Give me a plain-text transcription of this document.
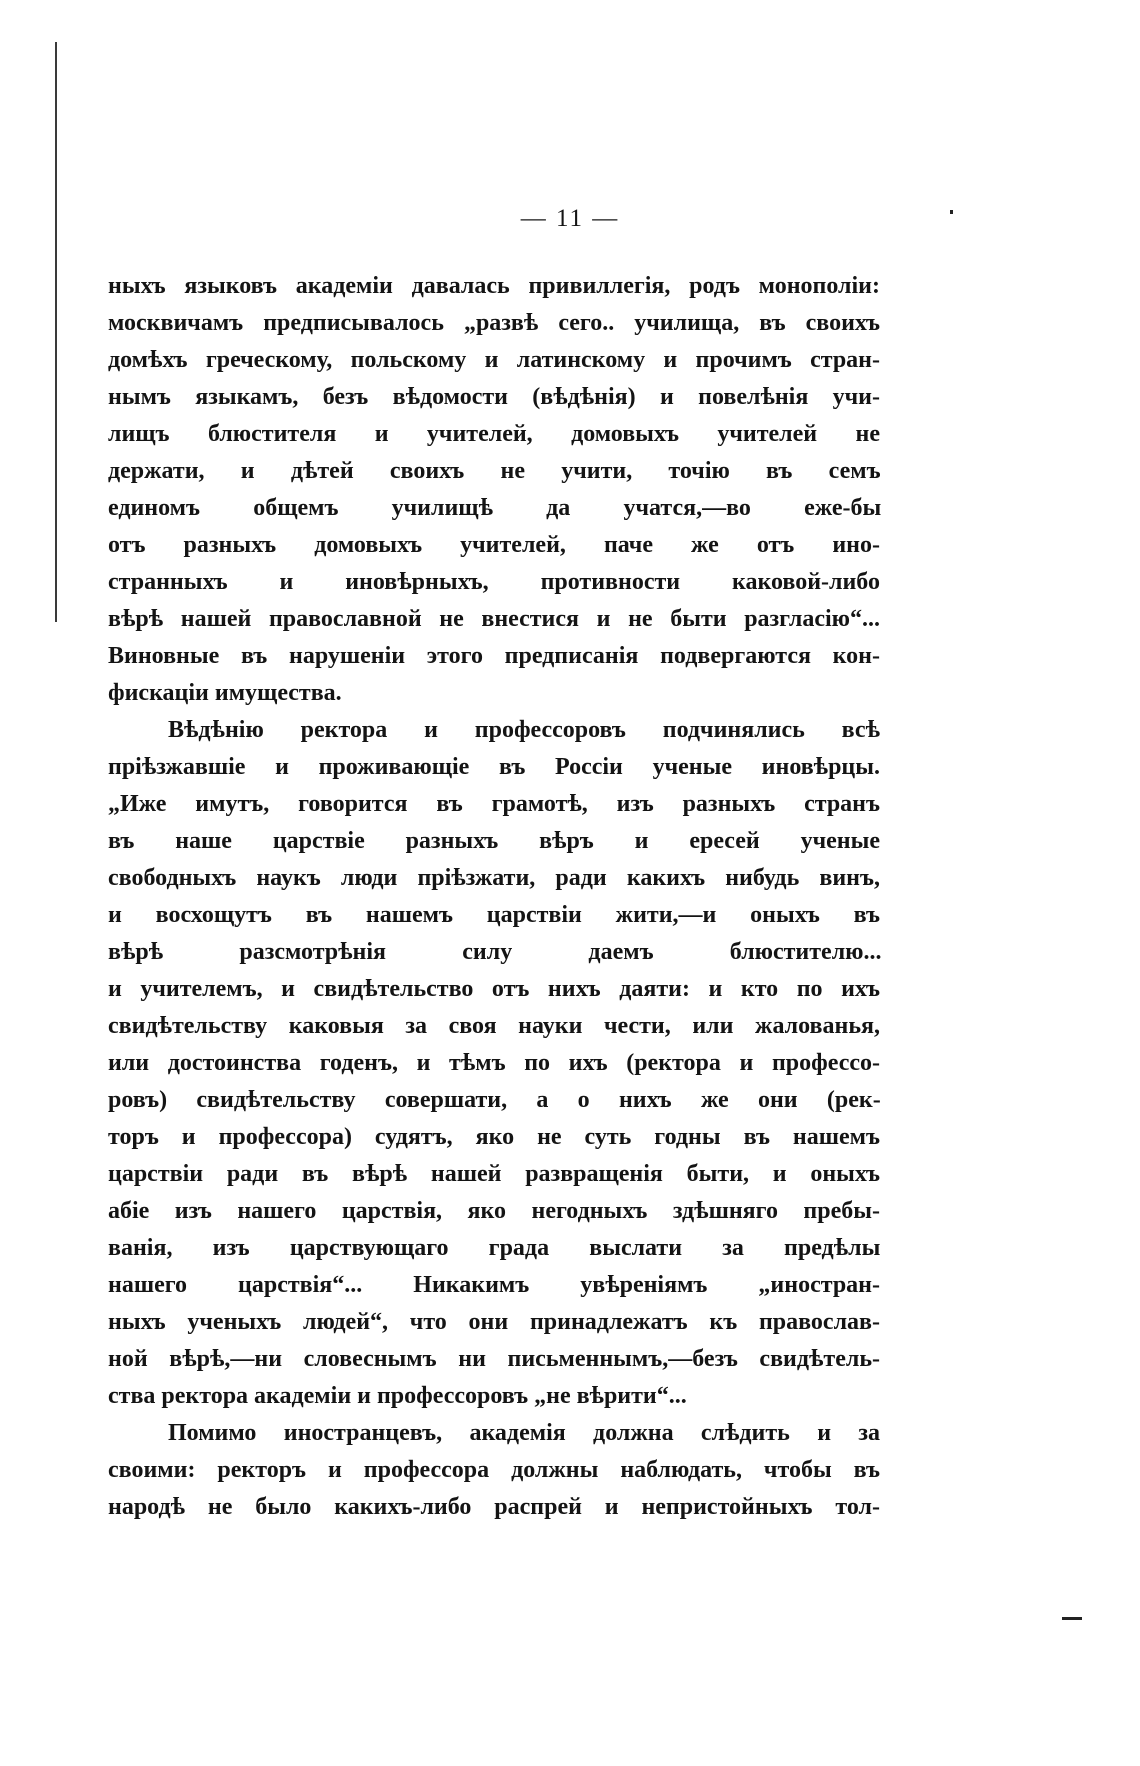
— 11 —
ныхъ языковъ академіи давалась привиллегія, родъ монополіи:
москвичамъ предписывалось „развѣ сего.. училища, въ своихъ
домѣхъ греческому, польскому и латинскому и прочимъ стран-
нымъ языкамъ, безъ вѣдомости (вѣдѣнія) и повелѣнія учи-
лищъ блюстителя и учителей, домовыхъ учителей не
держати, и дѣтей своихъ не учити, точію въ семъ
единомъ общемъ училищѣ да учатся,—во еже-бы
отъ разныхъ домовыхъ учителей, паче же отъ ино-
странныхъ и иновѣрныхъ, противности каковой-либо
вѣрѣ нашей православной не внестися и не быти разгласію“...
Виновные въ нарушеніи этого предписанія подвергаются кон-
фискаціи имущества.
Вѣдѣнію ректора и профессоровъ подчинялись всѣ
пріѣзжавшіе и проживающіе въ Россіи ученые иновѣрцы.
„Иже имутъ, говорится въ грамотѣ, изъ разныхъ странъ
въ наше царствіе разныхъ вѣръ и ересей ученые
свободныхъ наукъ люди пріѣзжати, ради какихъ нибудь винъ,
и восхощутъ въ нашемъ царствіи жити,—и оныхъ въ
вѣрѣ разсмотрѣнія силу даемъ блюстителю...
и учителемъ, и свидѣтельство отъ нихъ даяти: и кто по ихъ
свидѣтельству каковыя за своя науки чести, или жалованья,
или достоинства годенъ, и тѣмъ по ихъ (ректора и профессо-
ровъ) свидѣтельству совершати, а о нихъ же они (рек-
торъ и профессора) судятъ, яко не суть годны въ нашемъ
царствіи ради въ вѣрѣ нашей развращенія быти, и оныхъ
абіе изъ нашего царствія, яко негодныхъ здѣшняго пребы-
ванія, изъ царствующаго града выслати за предѣлы
нашего царствія“... Никакимъ увѣреніямъ „иностран-
ныхъ ученыхъ людей“, что они принадлежатъ къ православ-
ной вѣрѣ,—ни словеснымъ ни письменнымъ,—безъ свидѣтель-
ства ректора академіи и профессоровъ „не вѣрити“...
Помимо иностранцевъ, академія должна слѣдить и за
своими: ректоръ и профессора должны наблюдать, чтобы въ
народѣ не было какихъ-либо распрей и непристойныхъ тол-
